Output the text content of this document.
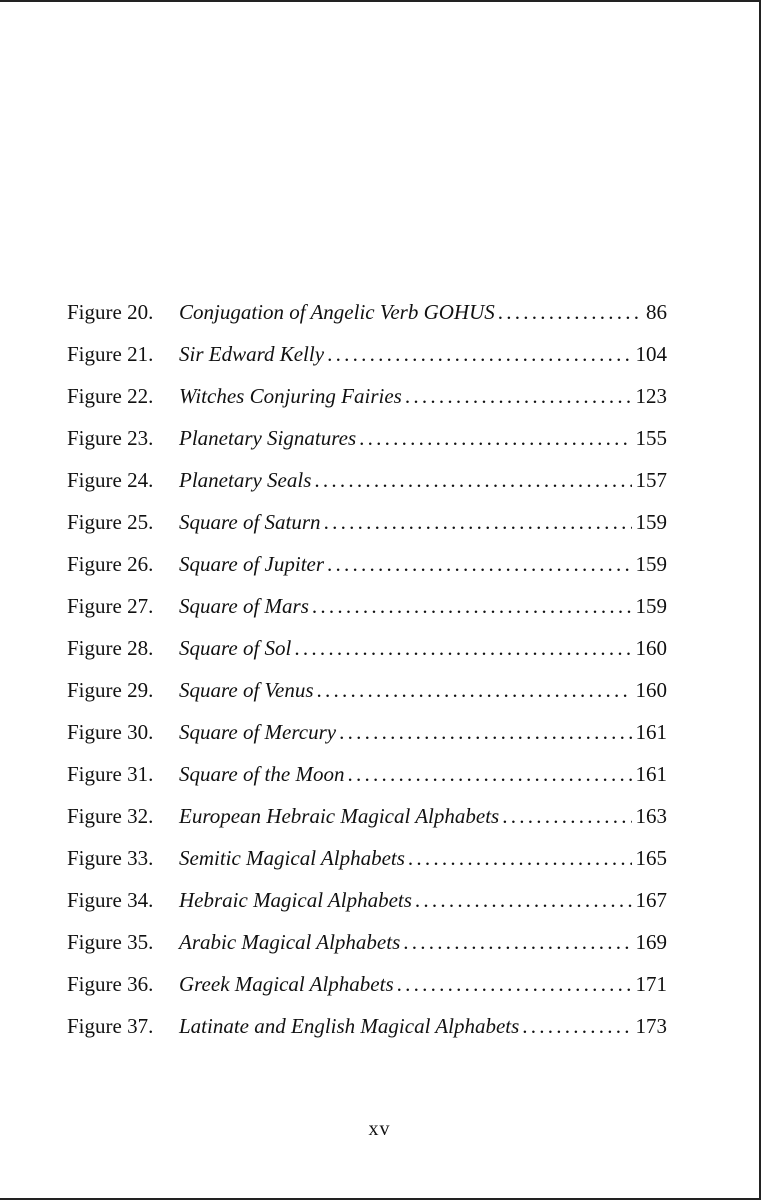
Figure 20.	Conjugation of Angelic Verb GOHUS . . .	86
Figure 21.	Sir Edward Kelly . . .	104
Figure 22.	Witches Conjuring Fairies . . .	123
Figure 23.	Planetary Signatures . . .	155
Figure 24.	Planetary Seals . . .	157
Figure 25.	Square of Saturn . . .	159
Figure 26.	Square of Jupiter . . .	159
Figure 27.	Square of Mars . . .	159
Figure 28.	Square of Sol . . .	160
Figure 29.	Square of Venus . . .	160
Figure 30.	Square of Mercury . . .	161
Figure 31.	Square of the Moon . . .	161
Figure 32.	European Hebraic Magical Alphabets . . .	163
Figure 33.	Semitic Magical Alphabets . . .	165
Figure 34.	Hebraic Magical Alphabets . . .	167
Figure 35.	Arabic Magical Alphabets . . .	169
Figure 36.	Greek Magical Alphabets . . .	171
Figure 37.	Latinate and English Magical Alphabets . . .	173
xv
